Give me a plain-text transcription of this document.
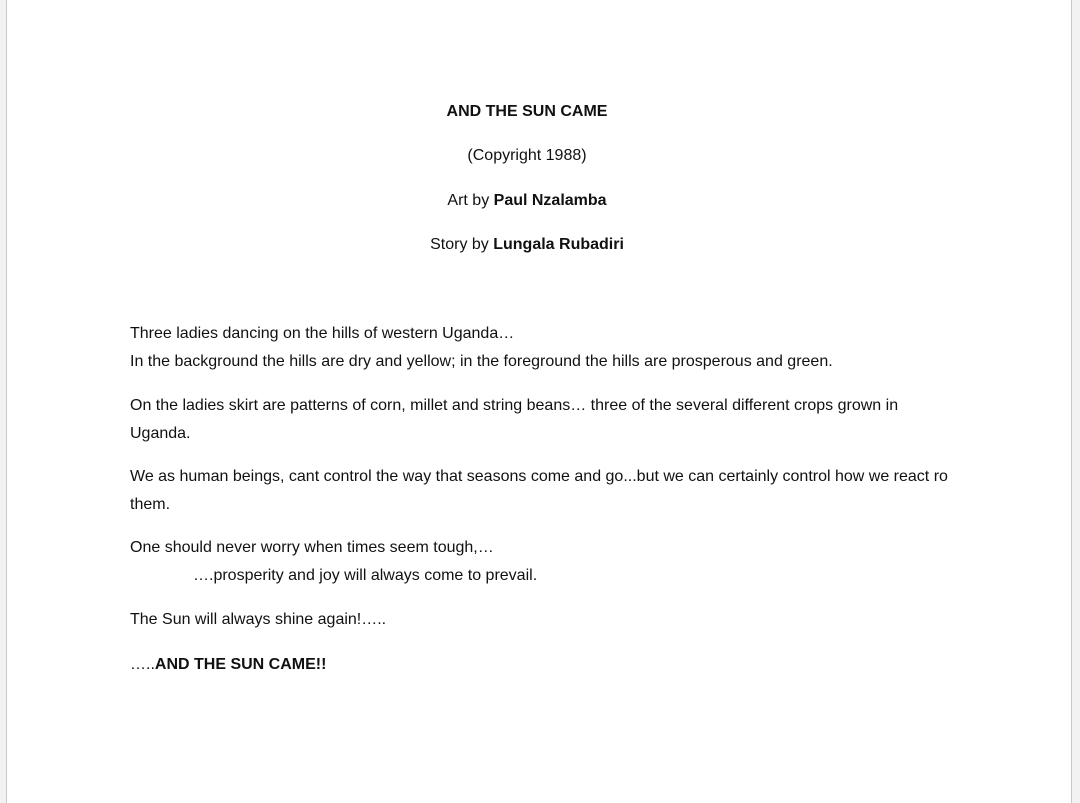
AND THE SUN CAME
(Copyright 1988)
Art by Paul Nzalamba
Story by Lungala Rubadiri
Three ladies dancing on the hills of western Uganda…
In the background the hills are dry and yellow; in the foreground the hills are prosperous and green.
On the ladies skirt are patterns of corn, millet and string beans… three of the several different crops grown in Uganda.
We as human beings, cant control the way that seasons come and go...but we can certainly control how we react ro them.
One should never worry when times seem tough,…
….prosperity and joy will always come to prevail.
The Sun will always shine again!…..
…..AND THE SUN CAME!!
